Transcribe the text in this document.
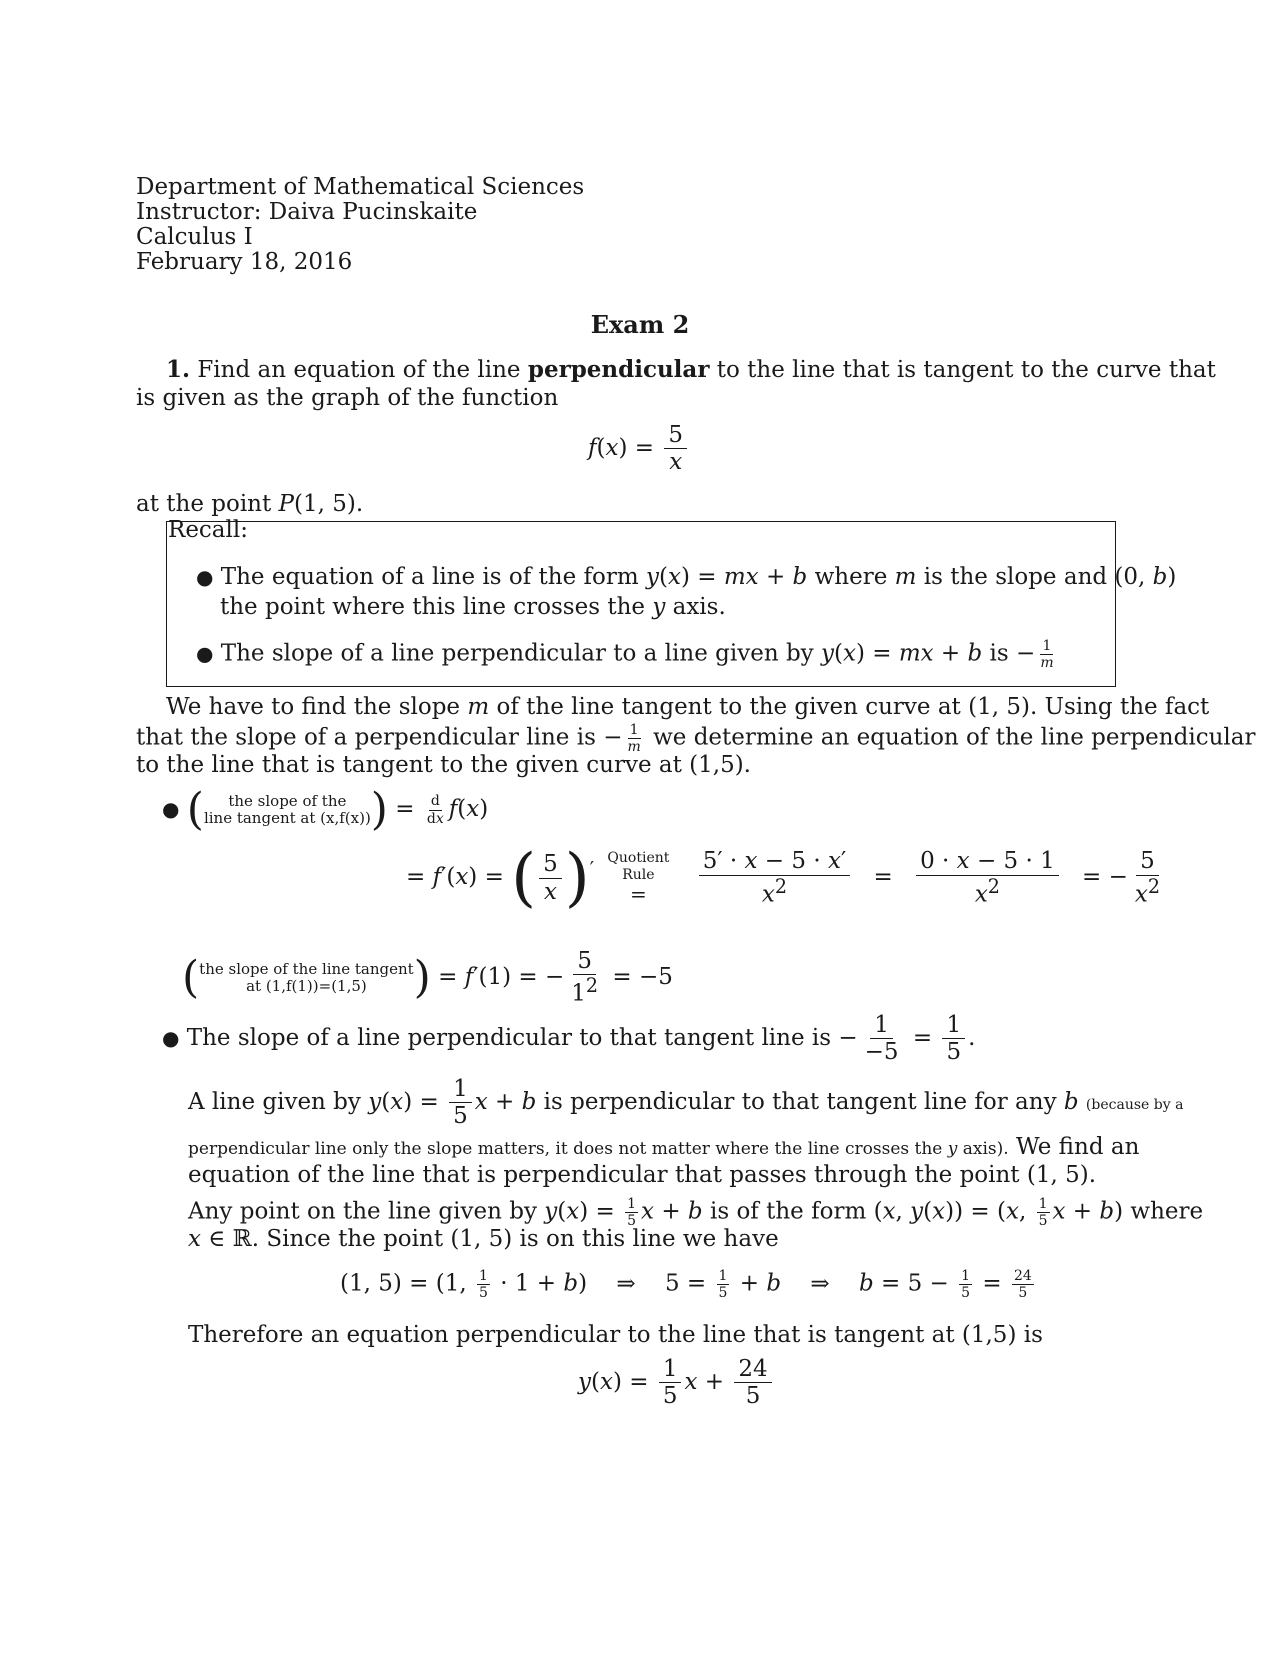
Department of Mathematical Sciences
Instructor: Daiva Pucinskaite
Calculus I
February 18, 2016
Exam 2
1. Find an equation of the line perpendicular to the line that is tangent to the curve that
is given as the graph of the function
$f(x) = \frac{5}{x}$
at the point P(1, 5).
Recall:
● The equation of a line is of the form y(x) = mx + b where m is the slope and (0, b)
the point where this line crosses the y axis.
● The slope of a line perpendicular to a line given by y(x) = mx + b is − $\frac{1}{m}$
We have to find the slope m of the line tangent to the given curve at (1, 5). Using the fact
that the slope of a perpendicular line is − $\frac{1}{m}$ we determine an equation of the line perpendicular
to the line that is tangent to the given curve at (1,5).
● ( the slope of the
line tangent at (x,f(x)) ) = $\frac{d}{dx} f(x)$
= f′(x) = ( $\frac{5}{x} )'$ Quotient
Rule
=
$\frac{5' \cdot x - 5 \cdot x'}{x^2} = \frac{0 \cdot x - 5 \cdot 1}{x^2}$ = − $\frac{5}{x^2}$
( the slope of the line tangent
at (1,f(1))=(1,5) ) = f′(1) = − $\frac{5}{1^2} = -5$
● The slope of a line perpendicular to that tangent line is − $\frac{1}{-5} = \frac{1}{5}$ .
A line given by $y(x) = \frac{1}{5}$ x + b is perpendicular to that tangent line for any b (because by a
perpendicular line only the slope matters, it does not matter where the line crosses the y axis). We find an
equation of the line that is perpendicular that passes through the point (1, 5).
Any point on the line given by $y(x) = \frac{1}{5}$ x + b is of the form (x, y(x)) = (x, $\frac{1}{5}$ x + b) where
x ∈ ℝ. Since the point (1, 5) is on this line we have
(1, 5) = (1, $\frac{1}{5} \cdot 1 + b$) ⇒ $5 = \frac{1}{5} + b$ ⇒ $b = 5 - \frac{1}{5} = \frac{24}{5}$
Therefore an equation perpendicular to the line that is tangent at (1,5) is
$y(x) = \frac{1}{5}$ $x + \frac{24}{5}$
